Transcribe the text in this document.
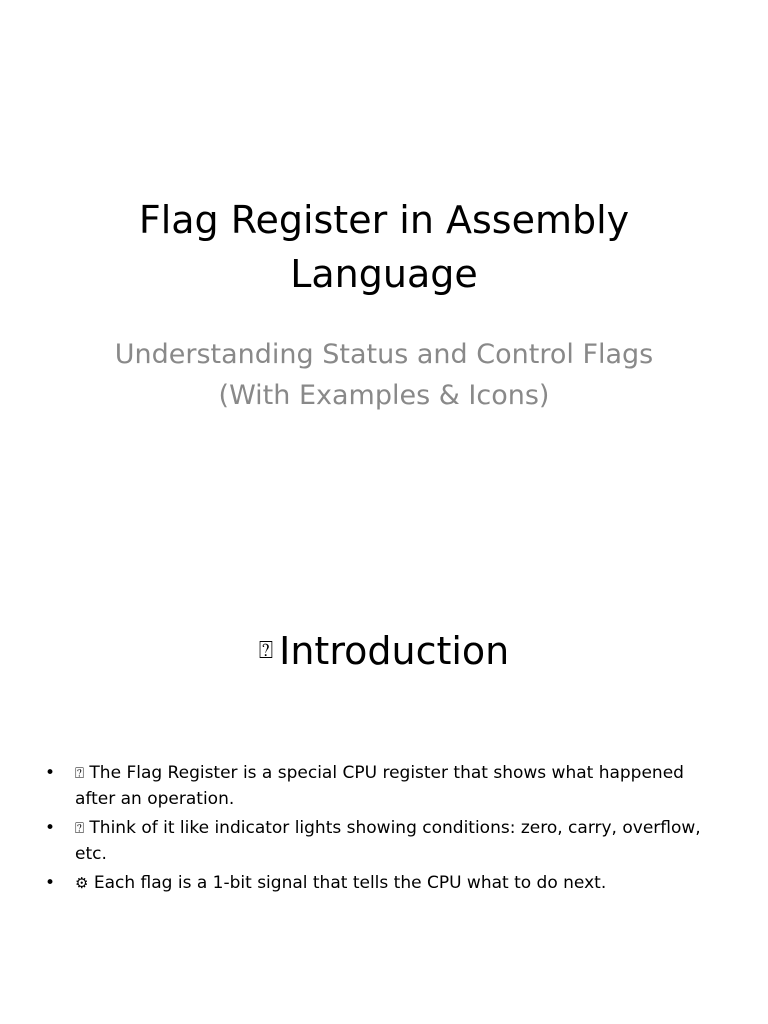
Flag Register in Assembly Language

Understanding Status and Control Flags (With Examples & Icons)

⍰ Introduction
• ⍰ The Flag Register is a special CPU register that shows what happened after an operation.
• ⍰ Think of it like indicator lights showing conditions: zero, carry, overflow, etc.
• ⚙ Each flag is a 1-bit signal that tells the CPU what to do next.
